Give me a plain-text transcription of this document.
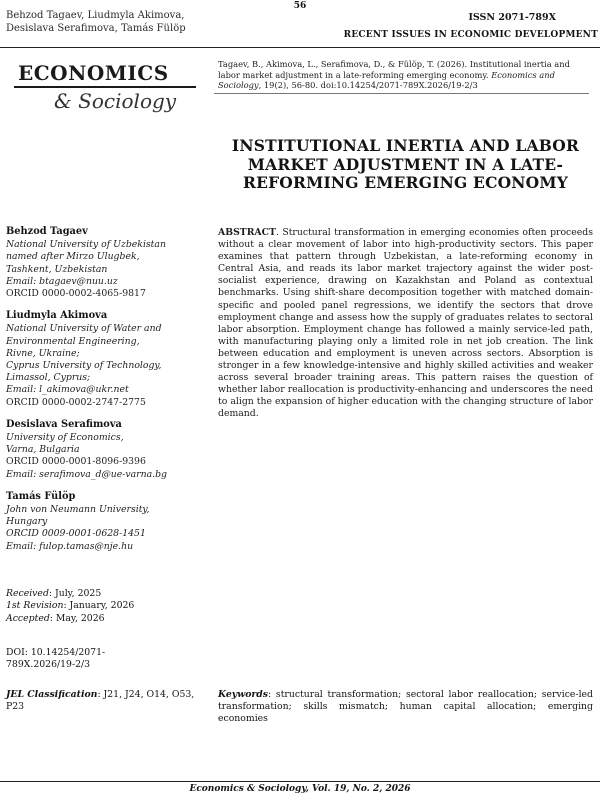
Behzod Tagaev, Liudmyla Akimova,
Desislava Serafimova, Tamás Fülöp
56
ISSN 2071-789X
RECENT ISSUES IN ECONOMIC DEVELOPMENT
ECONOMICS
& Sociology
Tagaev, B., Akimova, L., Serafimova, D., & Fülöp, T. (2026). Institutional inertia and labor market adjustment in a late-reforming emerging economy. Economics and Sociology, 19(2), 56-80. doi:10.14254/2071-789X.2026/19-2/3
INSTITUTIONAL INERTIA AND LABOR MARKET ADJUSTMENT IN A LATE-REFORMING EMERGING ECONOMY
Behzod Tagaev
National University of Uzbekistan
named after Mirzo Ulugbek,
Tashkent, Uzbekistan
Email: btagaev@nuu.uz
ORCID 0000-0002-4065-9817
Liudmyla Akimova
National University of Water and
Environmental Engineering,
Rivne, Ukraine;
Cyprus University of Technology,
Limassol, Cyprus;
Email: l_akimova@ukr.net
ORCID 0000-0002-2747-2775
Desislava Serafimova
University of Economics,
Varna, Bulgaria
ORCID 0000-0001-8096-9396
Email: serafimova_d@ue-varna.bg
Tamás Fülöp
John von Neumann University,
Hungary
ORCID 0009-0001-0628-1451
Email: fulop.tamas@nje.hu
Received: July, 2025
1st Revision: January, 2026
Accepted: May, 2026
DOI: 10.14254/2071-
789X.2026/19-2/3
JEL Classification: J21, J24, O14, O53, P23
ABSTRACT. Structural transformation in emerging economies often proceeds without a clear movement of labor into high-productivity sectors. This paper examines that pattern through Uzbekistan, a late-reforming economy in Central Asia, and reads its labor market trajectory against the wider post-socialist experience, drawing on Kazakhstan and Poland as contextual benchmarks. Using shift-share decomposition together with matched domain-specific and pooled panel regressions, we identify the sectors that drove employment change and assess how the supply of graduates relates to sectoral labor absorption. Employment change has followed a mainly service-led path, with manufacturing playing only a limited role in net job creation. The link between education and employment is uneven across sectors. Absorption is stronger in a few knowledge-intensive and highly skilled activities and weaker across several broader training areas. This pattern raises the question of whether labor reallocation is productivity-enhancing and underscores the need to align the expansion of higher education with the changing structure of labor demand.
Keywords: structural transformation; sectoral labor reallocation; service-led transformation; skills mismatch; human capital allocation; emerging economies
Economics & Sociology, Vol. 19, No. 2, 2026
